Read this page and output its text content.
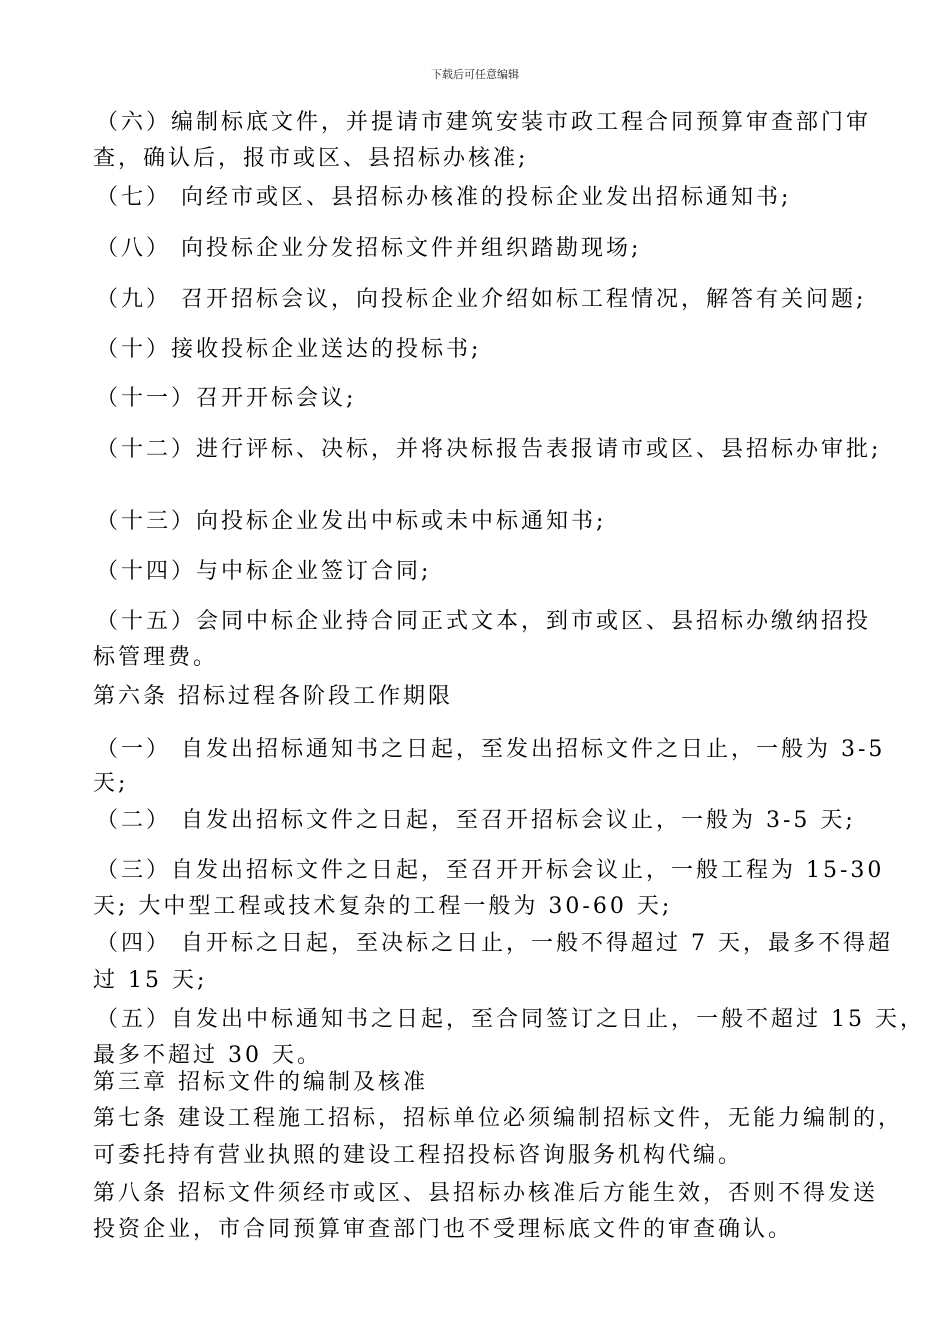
下载后可任意编辑
（六）编制标底文件，并提请市建筑安装市政工程合同预算审查部门审
查，确认后，报市或区、县招标办核准;
（七） 向经市或区、县招标办核准的投标企业发出招标通知书;
（八） 向投标企业分发招标文件并组织踏勘现场;
（九） 召开招标会议，向投标企业介绍如标工程情况，解答有关问题;
（十）接收投标企业送达的投标书;
（十一）召开开标会议;
（十二）进行评标、决标，并将决标报告表报请市或区、县招标办审批;
（十三）向投标企业发出中标或未中标通知书;
（十四）与中标企业签订合同;
（十五）会同中标企业持合同正式文本，到市或区、县招标办缴纳招投
标管理费。
第六条 招标过程各阶段工作期限
（一） 自发出招标通知书之日起，至发出招标文件之日止，一般为 3-5
天;
（二） 自发出招标文件之日起，至召开招标会议止，一般为 3-5 天;
（三）自发出招标文件之日起，至召开开标会议止，一般工程为 15-30
天; 大中型工程或技术复杂的工程一般为 30-60 天;
（四） 自开标之日起，至决标之日止，一般不得超过 7 天，最多不得超
过 15 天;
（五）自发出中标通知书之日起，至合同签订之日止，一般不超过 15 天，
最多不超过 30 天。
第三章 招标文件的编制及核准
第七条 建设工程施工招标，招标单位必须编制招标文件，无能力编制的，
可委托持有营业执照的建设工程招投标咨询服务机构代编。
第八条 招标文件须经市或区、县招标办核准后方能生效，否则不得发送
投资企业，市合同预算审查部门也不受理标底文件的审查确认。
